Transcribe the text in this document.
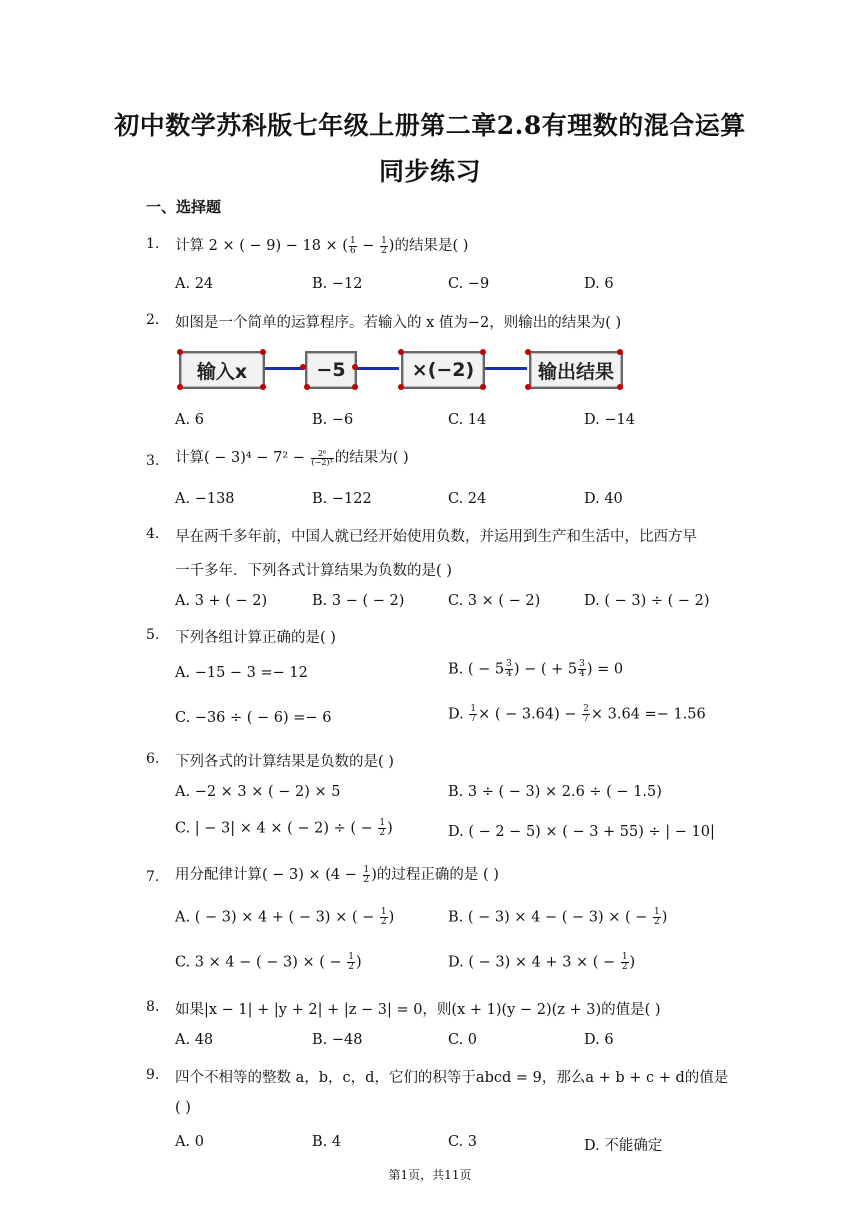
初中数学苏科版七年级上册第二章2.8有理数的混合运算
同步练习
一、选择题
1. 计算 2 × ( − 9) − 18 × ( $\frac{1}{6} - \frac{1}{2}$ )的结果是( )
A. 24	B. −12	C. −9	D. 6
2. 如图是一个简单的运算程序。若输入的 x 值为−2，则输出的结果为( )
输入x	−5	×(−2)	输出结果
A. 6	B. −6	C. 14	D. −14
3. 计算( − $3)^4 - 7^2 - \frac{\text{2⁶}}{\text{(−2)³}}$ 的结果为( )
A. −138	B. −122	C. 24	D. 40
4. 早在两千多年前，中国人就已经开始使用负数，并运用到生产和生活中，比西方早
一千多年．下列各式计算结果为负数的是( )
A. 3 + ( − 2)	B. 3 − ( − 2)	C. 3 × ( − 2)	D. ( − 3) ÷ ( − 2)
5. 下列各组计算正确的是( )
A. −15 − 3 =− 12	B. ( − $5 \frac{3}{4}$ ) − ( + $5 \frac{3}{4}$ ) = 0
C. −36 ÷ ( − 6) =− 6	D. $\frac{1}{7}$ × ( − $3.64) - \frac{2}{7} \times 3.64 =- 1.56$
6. 下列各式的计算结果是负数的是( )
A. −2 × 3 × ( − 2) × 5	B. 3 ÷ ( − 3) × 2.6 ÷ ( − 1.5)
C. | − 3| × 4 × ( − 2) ÷ ( − $\frac{1}{2}$ )	D. ( − 2 − 5) × ( − 3 + 55) ÷ | − 10|
7. 用分配律计算( − $3) \times (4 - \frac{1}{2}$ )的过程正确的是 ( )
A. ( − 3) × 4 + ( − 3) × ( − $\frac{1}{2}$ )	B. ( − 3) × 4 − ( − 3) × ( − $\frac{1}{2}$ )
C. 3 × 4 − ( − 3) × ( − $\frac{1}{2}$ )	D. ( − 3) × 4 + 3 × ( − $\frac{1}{2}$ )
8. 如果|x − 1| + |y + 2| + |z − 3| = 0，则(x + 1)(y − 2)(z + 3)的值是( )
A. 48	B. −48	C. 0	D. 6
9. 四个不相等的整数 a，b，c，d，它们的积等于abcd = 9，那么a + b + c + d的值是
( )
A. 0	B. 4	C. 3	D. 不能确定
第1页，共11页
